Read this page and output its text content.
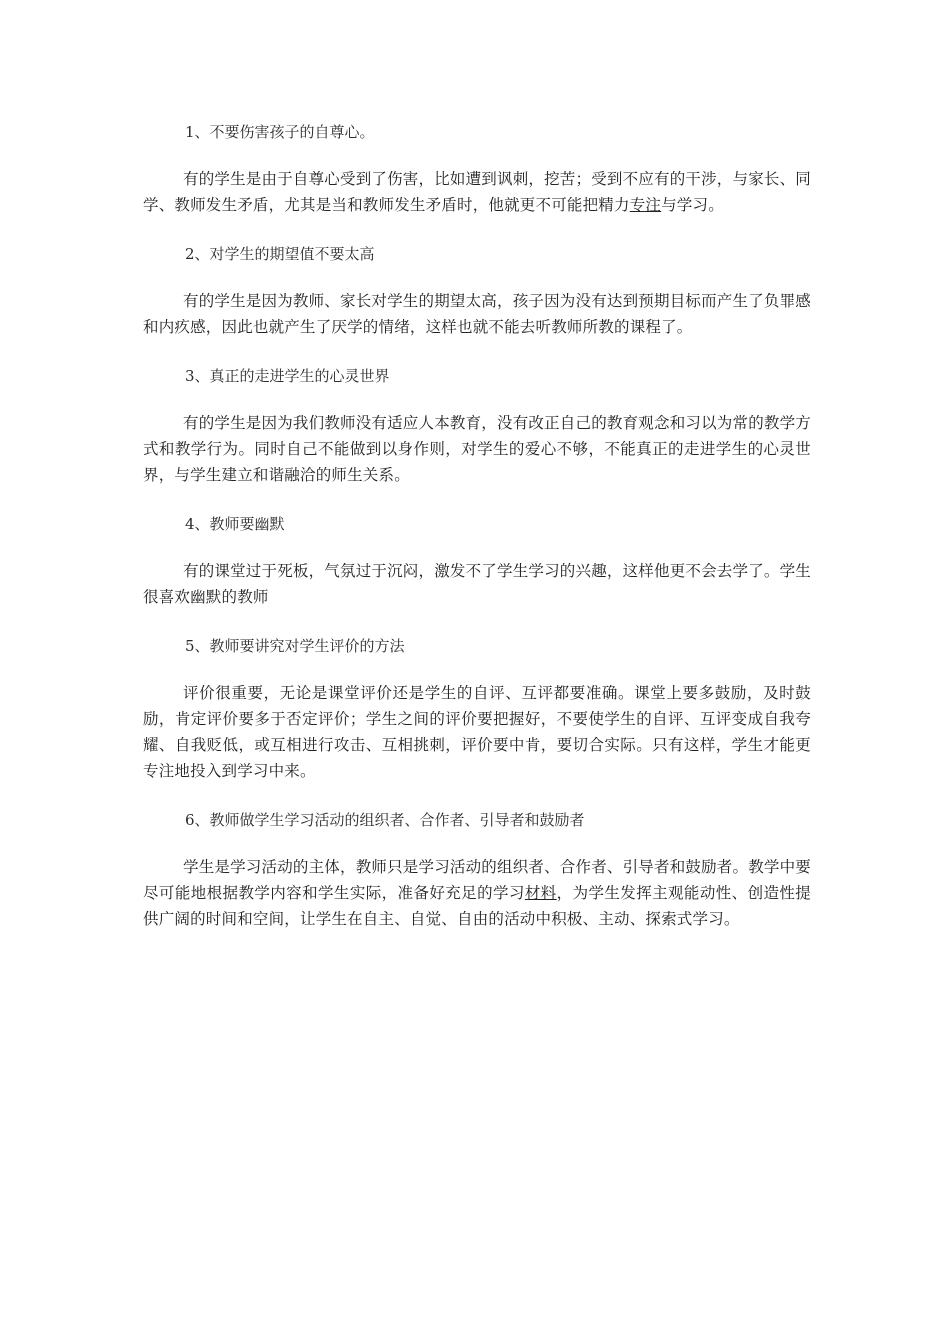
1、不要伤害孩子的自尊心。

有的学生是由于自尊心受到了伤害，比如遭到讽刺，挖苦；受到不应有的干涉，与家长、同学、教师发生矛盾，尤其是当和教师发生矛盾时，他就更不可能把精力专注与学习。

2、对学生的期望值不要太高

有的学生是因为教师、家长对学生的期望太高，孩子因为没有达到预期目标而产生了负罪感和内疚感，因此也就产生了厌学的情绪，这样也就不能去听教师所教的课程了。

3、真正的走进学生的心灵世界

有的学生是因为我们教师没有适应人本教育，没有改正自己的教育观念和习以为常的教学方式和教学行为。同时自己不能做到以身作则，对学生的爱心不够，不能真正的走进学生的心灵世界，与学生建立和谐融洽的师生关系。

4、教师要幽默

有的课堂过于死板，气氛过于沉闷，激发不了学生学习的兴趣，这样他更不会去学了。学生很喜欢幽默的教师

5、教师要讲究对学生评价的方法

评价很重要，无论是课堂评价还是学生的自评、互评都要准确。课堂上要多鼓励，及时鼓励，肯定评价要多于否定评价；学生之间的评价要把握好，不要使学生的自评、互评变成自我夸耀、自我贬低，或互相进行攻击、互相挑刺，评价要中肯，要切合实际。只有这样，学生才能更专注地投入到学习中来。

6、教师做学生学习活动的组织者、合作者、引导者和鼓励者

学生是学习活动的主体，教师只是学习活动的组织者、合作者、引导者和鼓励者。教学中要尽可能地根据教学内容和学生实际，准备好充足的学习材料，为学生发挥主观能动性、创造性提供广阔的时间和空间，让学生在自主、自觉、自由的活动中积极、主动、探索式学习。
